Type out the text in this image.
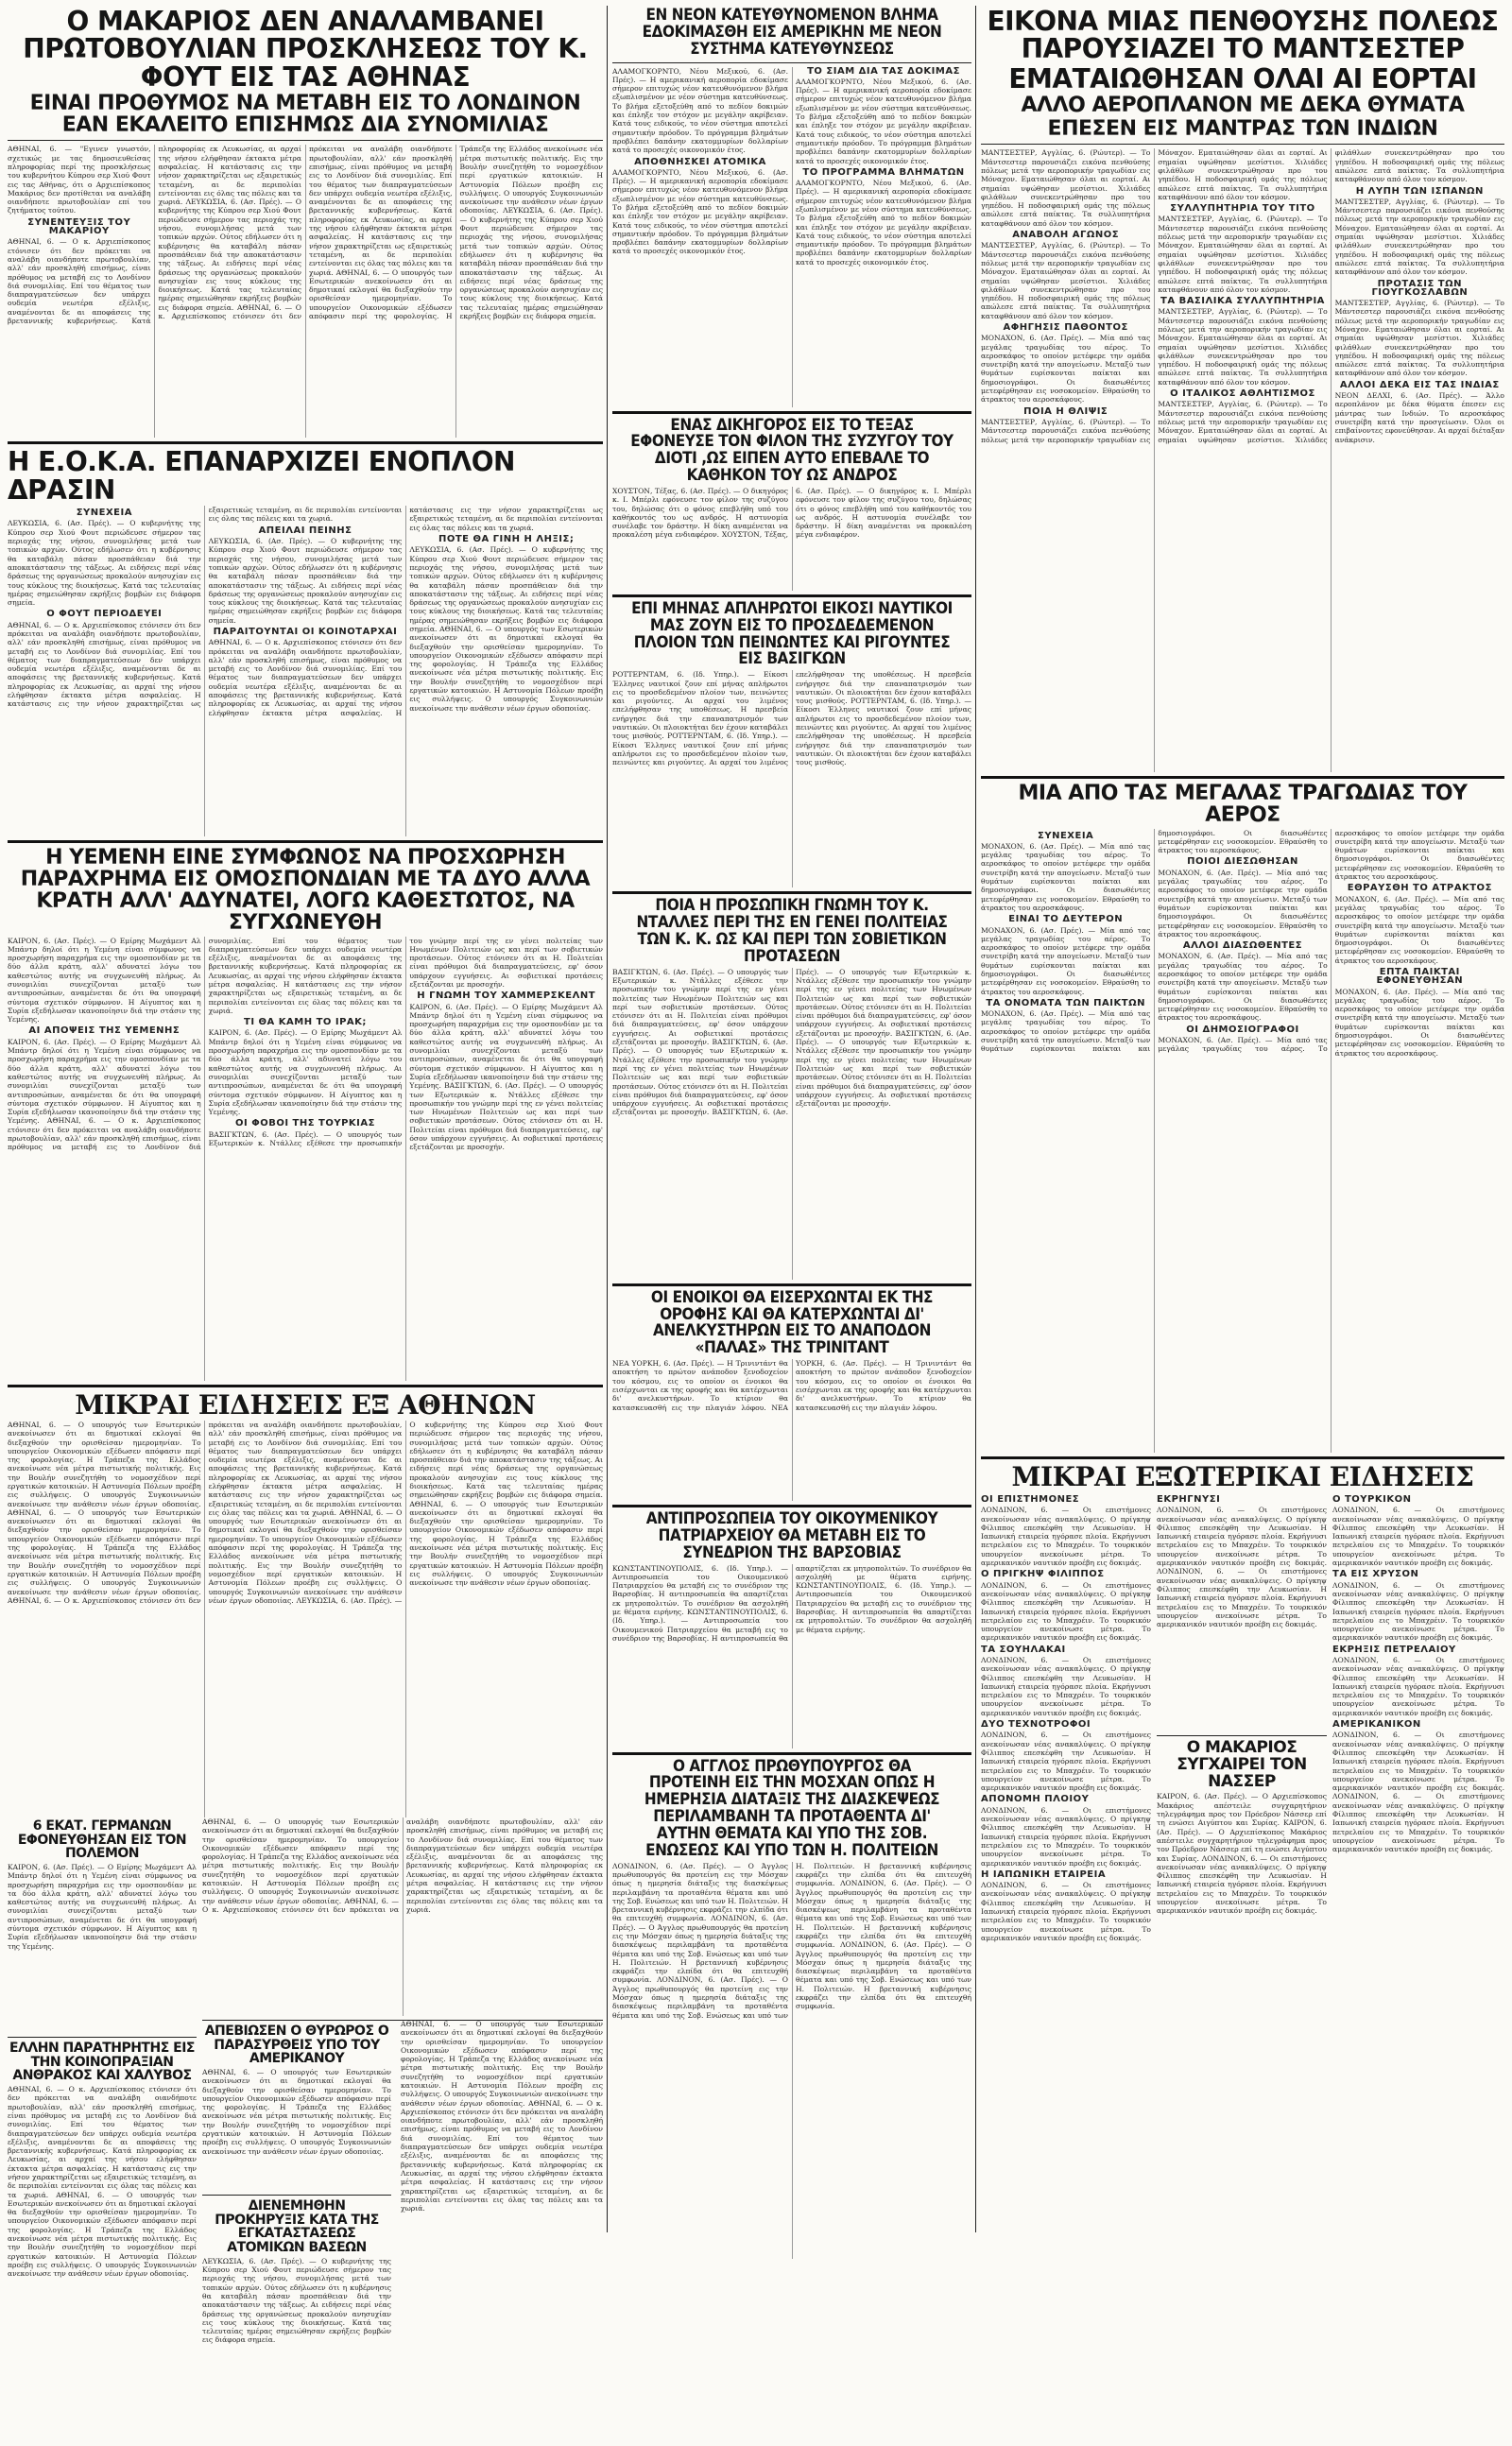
Ο ΜΑΚΑΡΙΟΣ ΔΕΝ ΑΝΑΛΑΜΒΑΝΕΙ ΠΡΩΤΟΒΟΥΛΙΑΝ ΠΡΟΣΚΛΗΣΕΩΣ ΤΟΥ Κ. ΦΟΥΤ ΕΙΣ ΤΑΣ ΑΘΗΝΑΣ
ΕΙΝΑΙ ΠΡΟΘΥΜΟΣ ΝΑ ΜΕΤΑΒΗ ΕΙΣ ΤΟ ΛΟΝΔΙΝΟΝ ΕΑΝ ΕΚΑΛΕΙΤΟ ΕΠΙΣΗΜΩΣ ΔΙΑ ΣΥΝΟΜΙΛΙΑΣ
ΑΘΗΝΑΙ, 6. — "Εγινεν γνωστόν, σχετικώς με τας δημοσιευθείσας πληροφορίας περί της προσκλήσεως του κυβερνήτου Κύπρου σερ Χιού Φουτ εις τας Αθήνας, ότι ο Αρχιεπίσκοπος Μακάριος δεν προτίθεται να αναλάβη οιανδήποτε πρωτοβουλίαν επί του ζητήματος τούτου.
ΣΥΝΕΝΤΕΥΞΙΣ ΤΟΥ ΜΑΚΑΡΙΟΥ
ΑΘΗΝΑΙ, 6. — Ο κ. Αρχιεπίσκοπος ετόνισεν ότι δεν πρόκειται να αναλάβη οιανδήποτε πρωτοβουλίαν, αλλ' εάν προσκληθή επισήμως, είναι πρόθυμος να μεταβή εις το Λονδίνον διά συνομιλίας. Επί του θέματος των διαπραγματεύσεων δεν υπάρχει ουδεμία νεωτέρα εξέλιξις, αναμένονται δε αι αποφάσεις της βρεταννικής κυβερνήσεως. Κατά πληροφορίας εκ Λευκωσίας, αι αρχαί της νήσου ελήφθησαν έκτακτα μέτρα ασφαλείας. Η κατάστασις εις την νήσον χαρακτηρίζεται ως εξαιρετικώς τεταμένη, αι δε περιπολίαι εντείνονται εις όλας τας πόλεις και τα χωριά. ΛΕΥΚΩΣΙΑ, 6. (Ασ. Πρές). — Ο κυβερνήτης της Κύπρου σερ Χιού Φουτ περιώδευσε σήμερον τας περιοχάς της νήσου, συνομιλήσας μετά των τοπικών αρχών. Ούτος εδήλωσεν ότι η κυβέρνησις θα καταβάλη πάσαν προσπάθειαν διά την αποκατάστασιν της τάξεως. Αι ειδήσεις περί νέας δράσεως της οργανώσεως προκαλούν ανησυχίαν εις τους κύκλους της διοικήσεως. Κατά τας τελευταίας ημέρας σημειώθησαν εκρήξεις βομβών εις διάφορα σημεία. ΑΘΗΝΑΙ, 6. — Ο κ. Αρχιεπίσκοπος ετόνισεν ότι δεν πρόκειται να αναλάβη οιανδήποτε πρωτοβουλίαν, αλλ' εάν προσκληθή επισήμως, είναι πρόθυμος να μεταβή εις το Λονδίνον διά συνομιλίας. Επί του θέματος των διαπραγματεύσεων δεν υπάρχει ουδεμία νεωτέρα εξέλιξις, αναμένονται δε αι αποφάσεις της βρεταννικής κυβερνήσεως. Κατά πληροφορίας εκ Λευκωσίας, αι αρχαί της νήσου ελήφθησαν έκτακτα μέτρα ασφαλείας. Η κατάστασις εις την νήσον χαρακτηρίζεται ως εξαιρετικώς τεταμένη, αι δε περιπολίαι εντείνονται εις όλας τας πόλεις και τα χωριά. ΑΘΗΝΑΙ, 6. — Ο υπουργός των Εσωτερικών ανεκοίνωσεν ότι αι δημοτικαί εκλογαί θα διεξαχθούν την ορισθείσαν ημερομηνίαν. Το υπουργείον Οικονομικών εξέδωσεν απόφασιν περί της φορολογίας. Η Τράπεζα της Ελλάδος ανεκοίνωσε νέα μέτρα πιστωτικής πολιτικής. Εις την Βουλήν συνεζητήθη το νομοσχέδιον περί εργατικών κατοικιών. Η Αστυνομία Πόλεων προέβη εις συλλήψεις. Ο υπουργός Συγκοινωνιών ανεκοίνωσε την ανάθεσιν νέων έργων οδοποιίας. ΛΕΥΚΩΣΙΑ, 6. (Ασ. Πρές). — Ο κυβερνήτης της Κύπρου σερ Χιού Φουτ περιώδευσε σήμερον τας περιοχάς της νήσου, συνομιλήσας μετά των τοπικών αρχών. Ούτος εδήλωσεν ότι η κυβέρνησις θα καταβάλη πάσαν προσπάθειαν διά την αποκατάστασιν της τάξεως. Αι ειδήσεις περί νέας δράσεως της οργανώσεως προκαλούν ανησυχίαν εις τους κύκλους της διοικήσεως. Κατά τας τελευταίας ημέρας σημειώθησαν εκρήξεις βομβών εις διάφορα σημεία.
Η Ε.Ο.Κ.Α. ΕΠΑΝΑΡΧΙΖΕΙ ΕΝΟΠΛΟΝ ΔΡΑΣΙΝ
ΣΥΝΕΧΕΙΑ
ΛΕΥΚΩΣΙΑ, 6. (Ασ. Πρές). — Ο κυβερνήτης της Κύπρου σερ Χιού Φουτ περιώδευσε σήμερον τας περιοχάς της νήσου, συνομιλήσας μετά των τοπικών αρχών. Ούτος εδήλωσεν ότι η κυβέρνησις θα καταβάλη πάσαν προσπάθειαν διά την αποκατάστασιν της τάξεως. Αι ειδήσεις περί νέας δράσεως της οργανώσεως προκαλούν ανησυχίαν εις τους κύκλους της διοικήσεως. Κατά τας τελευταίας ημέρας σημειώθησαν εκρήξεις βομβών εις διάφορα σημεία.
Ο ΦΟΥΤ ΠΕΡΙΟΔΕΥΕΙ
ΑΘΗΝΑΙ, 6. — Ο κ. Αρχιεπίσκοπος ετόνισεν ότι δεν πρόκειται να αναλάβη οιανδήποτε πρωτοβουλίαν, αλλ' εάν προσκληθή επισήμως, είναι πρόθυμος να μεταβή εις το Λονδίνον διά συνομιλίας. Επί του θέματος των διαπραγματεύσεων δεν υπάρχει ουδεμία νεωτέρα εξέλιξις, αναμένονται δε αι αποφάσεις της βρεταννικής κυβερνήσεως. Κατά πληροφορίας εκ Λευκωσίας, αι αρχαί της νήσου ελήφθησαν έκτακτα μέτρα ασφαλείας. Η κατάστασις εις την νήσον χαρακτηρίζεται ως εξαιρετικώς τεταμένη, αι δε περιπολίαι εντείνονται εις όλας τας πόλεις και τα χωριά.
ΑΠΕΙΛΑΙ ΠΕΙΝΗΣ
ΛΕΥΚΩΣΙΑ, 6. (Ασ. Πρές). — Ο κυβερνήτης της Κύπρου σερ Χιού Φουτ περιώδευσε σήμερον τας περιοχάς της νήσου, συνομιλήσας μετά των τοπικών αρχών. Ούτος εδήλωσεν ότι η κυβέρνησις θα καταβάλη πάσαν προσπάθειαν διά την αποκατάστασιν της τάξεως. Αι ειδήσεις περί νέας δράσεως της οργανώσεως προκαλούν ανησυχίαν εις τους κύκλους της διοικήσεως. Κατά τας τελευταίας ημέρας σημειώθησαν εκρήξεις βομβών εις διάφορα σημεία.
ΠΑΡΑΙΤΟΥΝΤΑΙ ΟΙ ΚΟΙΝΟΤΑΡΧΑΙ
ΑΘΗΝΑΙ, 6. — Ο κ. Αρχιεπίσκοπος ετόνισεν ότι δεν πρόκειται να αναλάβη οιανδήποτε πρωτοβουλίαν, αλλ' εάν προσκληθή επισήμως, είναι πρόθυμος να μεταβή εις το Λονδίνον διά συνομιλίας. Επί του θέματος των διαπραγματεύσεων δεν υπάρχει ουδεμία νεωτέρα εξέλιξις, αναμένονται δε αι αποφάσεις της βρεταννικής κυβερνήσεως. Κατά πληροφορίας εκ Λευκωσίας, αι αρχαί της νήσου ελήφθησαν έκτακτα μέτρα ασφαλείας. Η κατάστασις εις την νήσον χαρακτηρίζεται ως εξαιρετικώς τεταμένη, αι δε περιπολίαι εντείνονται εις όλας τας πόλεις και τα χωριά.
ΠΟΤΕ ΘΑ ΓΙΝΗ Η ΛΗΞΙΣ;
ΛΕΥΚΩΣΙΑ, 6. (Ασ. Πρές). — Ο κυβερνήτης της Κύπρου σερ Χιού Φουτ περιώδευσε σήμερον τας περιοχάς της νήσου, συνομιλήσας μετά των τοπικών αρχών. Ούτος εδήλωσεν ότι η κυβέρνησις θα καταβάλη πάσαν προσπάθειαν διά την αποκατάστασιν της τάξεως. Αι ειδήσεις περί νέας δράσεως της οργανώσεως προκαλούν ανησυχίαν εις τους κύκλους της διοικήσεως. Κατά τας τελευταίας ημέρας σημειώθησαν εκρήξεις βομβών εις διάφορα σημεία. ΑΘΗΝΑΙ, 6. — Ο υπουργός των Εσωτερικών ανεκοίνωσεν ότι αι δημοτικαί εκλογαί θα διεξαχθούν την ορισθείσαν ημερομηνίαν. Το υπουργείον Οικονομικών εξέδωσεν απόφασιν περί της φορολογίας. Η Τράπεζα της Ελλάδος ανεκοίνωσε νέα μέτρα πιστωτικής πολιτικής. Εις την Βουλήν συνεζητήθη το νομοσχέδιον περί εργατικών κατοικιών. Η Αστυνομία Πόλεων προέβη εις συλλήψεις. Ο υπουργός Συγκοινωνιών ανεκοίνωσε την ανάθεσιν νέων έργων οδοποιίας.
Η ΥΕΜΕΝΗ ΕΙΝΕ ΣΥΜΦΩΝΟΣ ΝΑ ΠΡΟΣΧΩΡΗΣΗ ΠΑΡΑΧΡΗΜΑ ΕΙΣ ΟΜΟΣΠΟΝΔΙΑΝ ΜΕ ΤΑ ΔΥΟ ΑΛΛΑ ΚΡΑΤΗ ΑΛΛ' ΑΔΥΝΑΤΕΙ, ΛΟΓΩ ΚΑΘΕΣΤΩΤΟΣ, ΝΑ ΣΥΓΧΩΝΕΥΘΗ
ΚΑΙΡΟΝ, 6. (Ασ. Πρές). — Ο Εμίρης Μωχάμεντ Αλ Μπάντρ δηλοί ότι η Υεμένη είναι σύμφωνος να προσχωρήση παραχρήμα εις την ομοσπονδίαν με τα δύο άλλα κράτη, αλλ' αδυνατεί λόγω του καθεστώτος αυτής να συγχωνευθή πλήρως. Αι συνομιλίαι συνεχίζονται μεταξύ των αντιπροσώπων, αναμένεται δε ότι θα υπογραφή σύντομα σχετικόν σύμφωνον. Η Αίγυπτος και η Συρία εξεδήλωσαν ικανοποίησιν διά την στάσιν της Υεμένης.
ΑΙ ΑΠΟΨΕΙΣ ΤΗΣ ΥΕΜΕΝΗΣ
ΚΑΙΡΟΝ, 6. (Ασ. Πρές). — Ο Εμίρης Μωχάμεντ Αλ Μπάντρ δηλοί ότι η Υεμένη είναι σύμφωνος να προσχωρήση παραχρήμα εις την ομοσπονδίαν με τα δύο άλλα κράτη, αλλ' αδυνατεί λόγω του καθεστώτος αυτής να συγχωνευθή πλήρως. Αι συνομιλίαι συνεχίζονται μεταξύ των αντιπροσώπων, αναμένεται δε ότι θα υπογραφή σύντομα σχετικόν σύμφωνον. Η Αίγυπτος και η Συρία εξεδήλωσαν ικανοποίησιν διά την στάσιν της Υεμένης. ΑΘΗΝΑΙ, 6. — Ο κ. Αρχιεπίσκοπος ετόνισεν ότι δεν πρόκειται να αναλάβη οιανδήποτε πρωτοβουλίαν, αλλ' εάν προσκληθή επισήμως, είναι πρόθυμος να μεταβή εις το Λονδίνον διά συνομιλίας. Επί του θέματος των διαπραγματεύσεων δεν υπάρχει ουδεμία νεωτέρα εξέλιξις, αναμένονται δε αι αποφάσεις της βρεταννικής κυβερνήσεως. Κατά πληροφορίας εκ Λευκωσίας, αι αρχαί της νήσου ελήφθησαν έκτακτα μέτρα ασφαλείας. Η κατάστασις εις την νήσον χαρακτηρίζεται ως εξαιρετικώς τεταμένη, αι δε περιπολίαι εντείνονται εις όλας τας πόλεις και τα χωριά.
ΤΙ ΘΑ ΚΑΜΗ ΤΟ ΙΡΑΚ;
ΚΑΙΡΟΝ, 6. (Ασ. Πρές). — Ο Εμίρης Μωχάμεντ Αλ Μπάντρ δηλοί ότι η Υεμένη είναι σύμφωνος να προσχωρήση παραχρήμα εις την ομοσπονδίαν με τα δύο άλλα κράτη, αλλ' αδυνατεί λόγω του καθεστώτος αυτής να συγχωνευθή πλήρως. Αι συνομιλίαι συνεχίζονται μεταξύ των αντιπροσώπων, αναμένεται δε ότι θα υπογραφή σύντομα σχετικόν σύμφωνον. Η Αίγυπτος και η Συρία εξεδήλωσαν ικανοποίησιν διά την στάσιν της Υεμένης.
ΟΙ ΦΟΒΟΙ ΤΗΣ ΤΟΥΡΚΙΑΣ
ΒΑΣΙΓΚΤΩΝ, 6. (Ασ. Πρές). — Ο υπουργός των Εξωτερικών κ. Ντάλλες εξέθεσε την προσωπικήν του γνώμην περί της εν γένει πολιτείας των Ηνωμένων Πολιτειών ως και περί των σοβιετικών προτάσεων. Ούτος ετόνισεν ότι αι Η. Πολιτείαι είναι πρόθυμοι διά διαπραγματεύσεις, εφ' όσον υπάρχουν εγγυήσεις. Αι σοβιετικαί προτάσεις εξετάζονται με προσοχήν.
Η ΓΝΩΜΗ ΤΟΥ ΧΑΜΜΕΡΣΚΕΛΝΤ
ΚΑΙΡΟΝ, 6. (Ασ. Πρές). — Ο Εμίρης Μωχάμεντ Αλ Μπάντρ δηλοί ότι η Υεμένη είναι σύμφωνος να προσχωρήση παραχρήμα εις την ομοσπονδίαν με τα δύο άλλα κράτη, αλλ' αδυνατεί λόγω του καθεστώτος αυτής να συγχωνευθή πλήρως. Αι συνομιλίαι συνεχίζονται μεταξύ των αντιπροσώπων, αναμένεται δε ότι θα υπογραφή σύντομα σχετικόν σύμφωνον. Η Αίγυπτος και η Συρία εξεδήλωσαν ικανοποίησιν διά την στάσιν της Υεμένης. ΒΑΣΙΓΚΤΩΝ, 6. (Ασ. Πρές). — Ο υπουργός των Εξωτερικών κ. Ντάλλες εξέθεσε την προσωπικήν του γνώμην περί της εν γένει πολιτείας των Ηνωμένων Πολιτειών ως και περί των σοβιετικών προτάσεων. Ούτος ετόνισεν ότι αι Η. Πολιτείαι είναι πρόθυμοι διά διαπραγματεύσεις, εφ' όσον υπάρχουν εγγυήσεις. Αι σοβιετικαί προτάσεις εξετάζονται με προσοχήν.
ΜΙΚΡΑΙ ΕΙΔΗΣΕΙΣ ΕΞ ΑΘΗΝΩΝ
ΑΘΗΝΑΙ, 6. — Ο υπουργός των Εσωτερικών ανεκοίνωσεν ότι αι δημοτικαί εκλογαί θα διεξαχθούν την ορισθείσαν ημερομηνίαν. Το υπουργείον Οικονομικών εξέδωσεν απόφασιν περί της φορολογίας. Η Τράπεζα της Ελλάδος ανεκοίνωσε νέα μέτρα πιστωτικής πολιτικής. Εις την Βουλήν συνεζητήθη το νομοσχέδιον περί εργατικών κατοικιών. Η Αστυνομία Πόλεων προέβη εις συλλήψεις. Ο υπουργός Συγκοινωνιών ανεκοίνωσε την ανάθεσιν νέων έργων οδοποιίας. ΑΘΗΝΑΙ, 6. — Ο υπουργός των Εσωτερικών ανεκοίνωσεν ότι αι δημοτικαί εκλογαί θα διεξαχθούν την ορισθείσαν ημερομηνίαν. Το υπουργείον Οικονομικών εξέδωσεν απόφασιν περί της φορολογίας. Η Τράπεζα της Ελλάδος ανεκοίνωσε νέα μέτρα πιστωτικής πολιτικής. Εις την Βουλήν συνεζητήθη το νομοσχέδιον περί εργατικών κατοικιών. Η Αστυνομία Πόλεων προέβη εις συλλήψεις. Ο υπουργός Συγκοινωνιών ανεκοίνωσε την ανάθεσιν νέων έργων οδοποιίας. ΑΘΗΝΑΙ, 6. — Ο κ. Αρχιεπίσκοπος ετόνισεν ότι δεν πρόκειται να αναλάβη οιανδήποτε πρωτοβουλίαν, αλλ' εάν προσκληθή επισήμως, είναι πρόθυμος να μεταβή εις το Λονδίνον διά συνομιλίας. Επί του θέματος των διαπραγματεύσεων δεν υπάρχει ουδεμία νεωτέρα εξέλιξις, αναμένονται δε αι αποφάσεις της βρεταννικής κυβερνήσεως. Κατά πληροφορίας εκ Λευκωσίας, αι αρχαί της νήσου ελήφθησαν έκτακτα μέτρα ασφαλείας. Η κατάστασις εις την νήσον χαρακτηρίζεται ως εξαιρετικώς τεταμένη, αι δε περιπολίαι εντείνονται εις όλας τας πόλεις και τα χωριά. ΑΘΗΝΑΙ, 6. — Ο υπουργός των Εσωτερικών ανεκοίνωσεν ότι αι δημοτικαί εκλογαί θα διεξαχθούν την ορισθείσαν ημερομηνίαν. Το υπουργείον Οικονομικών εξέδωσεν απόφασιν περί της φορολογίας. Η Τράπεζα της Ελλάδος ανεκοίνωσε νέα μέτρα πιστωτικής πολιτικής. Εις την Βουλήν συνεζητήθη το νομοσχέδιον περί εργατικών κατοικιών. Η Αστυνομία Πόλεων προέβη εις συλλήψεις. Ο υπουργός Συγκοινωνιών ανεκοίνωσε την ανάθεσιν νέων έργων οδοποιίας. ΛΕΥΚΩΣΙΑ, 6. (Ασ. Πρές). — Ο κυβερνήτης της Κύπρου σερ Χιού Φουτ περιώδευσε σήμερον τας περιοχάς της νήσου, συνομιλήσας μετά των τοπικών αρχών. Ούτος εδήλωσεν ότι η κυβέρνησις θα καταβάλη πάσαν προσπάθειαν διά την αποκατάστασιν της τάξεως. Αι ειδήσεις περί νέας δράσεως της οργανώσεως προκαλούν ανησυχίαν εις τους κύκλους της διοικήσεως. Κατά τας τελευταίας ημέρας σημειώθησαν εκρήξεις βομβών εις διάφορα σημεία. ΑΘΗΝΑΙ, 6. — Ο υπουργός των Εσωτερικών ανεκοίνωσεν ότι αι δημοτικαί εκλογαί θα διεξαχθούν την ορισθείσαν ημερομηνίαν. Το υπουργείον Οικονομικών εξέδωσεν απόφασιν περί της φορολογίας. Η Τράπεζα της Ελλάδος ανεκοίνωσε νέα μέτρα πιστωτικής πολιτικής. Εις την Βουλήν συνεζητήθη το νομοσχέδιον περί εργατικών κατοικιών. Η Αστυνομία Πόλεων προέβη εις συλλήψεις. Ο υπουργός Συγκοινωνιών ανεκοίνωσε την ανάθεσιν νέων έργων οδοποιίας.
6 ΕΚΑΤ. ΓΕΡΜΑΝΩΝ ΕΦΟΝΕΥΘΗΣΑΝ ΕΙΣ ΤΟΝ ΠΟΛΕΜΟΝ
ΚΑΙΡΟΝ, 6. (Ασ. Πρές). — Ο Εμίρης Μωχάμεντ Αλ Μπάντρ δηλοί ότι η Υεμένη είναι σύμφωνος να προσχωρήση παραχρήμα εις την ομοσπονδίαν με τα δύο άλλα κράτη, αλλ' αδυνατεί λόγω του καθεστώτος αυτής να συγχωνευθή πλήρως. Αι συνομιλίαι συνεχίζονται μεταξύ των αντιπροσώπων, αναμένεται δε ότι θα υπογραφή σύντομα σχετικόν σύμφωνον. Η Αίγυπτος και η Συρία εξεδήλωσαν ικανοποίησιν διά την στάσιν της Υεμένης.
ΕΛΛΗΝ ΠΑΡΑΤΗΡΗΤΗΣ ΕΙΣ ΤΗΝ ΚΟΙΝΟΠΡΑΞΙΑΝ ΑΝΘΡΑΚΟΣ ΚΑΙ ΧΑΛΥΒΟΣ
ΑΘΗΝΑΙ, 6. — Ο κ. Αρχιεπίσκοπος ετόνισεν ότι δεν πρόκειται να αναλάβη οιανδήποτε πρωτοβουλίαν, αλλ' εάν προσκληθή επισήμως, είναι πρόθυμος να μεταβή εις το Λονδίνον διά συνομιλίας. Επί του θέματος των διαπραγματεύσεων δεν υπάρχει ουδεμία νεωτέρα εξέλιξις, αναμένονται δε αι αποφάσεις της βρεταννικής κυβερνήσεως. Κατά πληροφορίας εκ Λευκωσίας, αι αρχαί της νήσου ελήφθησαν έκτακτα μέτρα ασφαλείας. Η κατάστασις εις την νήσον χαρακτηρίζεται ως εξαιρετικώς τεταμένη, αι δε περιπολίαι εντείνονται εις όλας τας πόλεις και τα χωριά. ΑΘΗΝΑΙ, 6. — Ο υπουργός των Εσωτερικών ανεκοίνωσεν ότι αι δημοτικαί εκλογαί θα διεξαχθούν την ορισθείσαν ημερομηνίαν. Το υπουργείον Οικονομικών εξέδωσεν απόφασιν περί της φορολογίας. Η Τράπεζα της Ελλάδος ανεκοίνωσε νέα μέτρα πιστωτικής πολιτικής. Εις την Βουλήν συνεζητήθη το νομοσχέδιον περί εργατικών κατοικιών. Η Αστυνομία Πόλεων προέβη εις συλλήψεις. Ο υπουργός Συγκοινωνιών ανεκοίνωσε την ανάθεσιν νέων έργων οδοποιίας.
ΑΘΗΝΑΙ, 6. — Ο υπουργός των Εσωτερικών ανεκοίνωσεν ότι αι δημοτικαί εκλογαί θα διεξαχθούν την ορισθείσαν ημερομηνίαν. Το υπουργείον Οικονομικών εξέδωσεν απόφασιν περί της φορολογίας. Η Τράπεζα της Ελλάδος ανεκοίνωσε νέα μέτρα πιστωτικής πολιτικής. Εις την Βουλήν συνεζητήθη το νομοσχέδιον περί εργατικών κατοικιών. Η Αστυνομία Πόλεων προέβη εις συλλήψεις. Ο υπουργός Συγκοινωνιών ανεκοίνωσε την ανάθεσιν νέων έργων οδοποιίας. ΑΘΗΝΑΙ, 6. — Ο κ. Αρχιεπίσκοπος ετόνισεν ότι δεν πρόκειται να αναλάβη οιανδήποτε πρωτοβουλίαν, αλλ' εάν προσκληθή επισήμως, είναι πρόθυμος να μεταβή εις το Λονδίνον διά συνομιλίας. Επί του θέματος των διαπραγματεύσεων δεν υπάρχει ουδεμία νεωτέρα εξέλιξις, αναμένονται δε αι αποφάσεις της βρεταννικής κυβερνήσεως. Κατά πληροφορίας εκ Λευκωσίας, αι αρχαί της νήσου ελήφθησαν έκτακτα μέτρα ασφαλείας. Η κατάστασις εις την νήσον χαρακτηρίζεται ως εξαιρετικώς τεταμένη, αι δε περιπολίαι εντείνονται εις όλας τας πόλεις και τα χωριά.
ΑΠΕΒΙΩΣΕΝ Ο ΘΥΡΩΡΟΣ Ο ΠΑΡΑΣΥΡΘΕΙΣ ΥΠΟ ΤΟΥ ΑΜΕΡΙΚΑΝΟΥ
ΑΘΗΝΑΙ, 6. — Ο υπουργός των Εσωτερικών ανεκοίνωσεν ότι αι δημοτικαί εκλογαί θα διεξαχθούν την ορισθείσαν ημερομηνίαν. Το υπουργείον Οικονομικών εξέδωσεν απόφασιν περί της φορολογίας. Η Τράπεζα της Ελλάδος ανεκοίνωσε νέα μέτρα πιστωτικής πολιτικής. Εις την Βουλήν συνεζητήθη το νομοσχέδιον περί εργατικών κατοικιών. Η Αστυνομία Πόλεων προέβη εις συλλήψεις. Ο υπουργός Συγκοινωνιών ανεκοίνωσε την ανάθεσιν νέων έργων οδοποιίας.
ΔΙΕΝΕΜΗΘΗΝ ΠΡΟΚΗΡΥΞΙΣ ΚΑΤΑ ΤΗΣ ΕΓΚΑΤΑΣΤΑΣΕΩΣ ΑΤΟΜΙΚΩΝ ΒΑΣΕΩΝ
ΛΕΥΚΩΣΙΑ, 6. (Ασ. Πρές). — Ο κυβερνήτης της Κύπρου σερ Χιού Φουτ περιώδευσε σήμερον τας περιοχάς της νήσου, συνομιλήσας μετά των τοπικών αρχών. Ούτος εδήλωσεν ότι η κυβέρνησις θα καταβάλη πάσαν προσπάθειαν διά την αποκατάστασιν της τάξεως. Αι ειδήσεις περί νέας δράσεως της οργανώσεως προκαλούν ανησυχίαν εις τους κύκλους της διοικήσεως. Κατά τας τελευταίας ημέρας σημειώθησαν εκρήξεις βομβών εις διάφορα σημεία.
ΑΘΗΝΑΙ, 6. — Ο υπουργός των Εσωτερικών ανεκοίνωσεν ότι αι δημοτικαί εκλογαί θα διεξαχθούν την ορισθείσαν ημερομηνίαν. Το υπουργείον Οικονομικών εξέδωσεν απόφασιν περί της φορολογίας. Η Τράπεζα της Ελλάδος ανεκοίνωσε νέα μέτρα πιστωτικής πολιτικής. Εις την Βουλήν συνεζητήθη το νομοσχέδιον περί εργατικών κατοικιών. Η Αστυνομία Πόλεων προέβη εις συλλήψεις. Ο υπουργός Συγκοινωνιών ανεκοίνωσε την ανάθεσιν νέων έργων οδοποιίας. ΑΘΗΝΑΙ, 6. — Ο κ. Αρχιεπίσκοπος ετόνισεν ότι δεν πρόκειται να αναλάβη οιανδήποτε πρωτοβουλίαν, αλλ' εάν προσκληθή επισήμως, είναι πρόθυμος να μεταβή εις το Λονδίνον διά συνομιλίας. Επί του θέματος των διαπραγματεύσεων δεν υπάρχει ουδεμία νεωτέρα εξέλιξις, αναμένονται δε αι αποφάσεις της βρεταννικής κυβερνήσεως. Κατά πληροφορίας εκ Λευκωσίας, αι αρχαί της νήσου ελήφθησαν έκτακτα μέτρα ασφαλείας. Η κατάστασις εις την νήσον χαρακτηρίζεται ως εξαιρετικώς τεταμένη, αι δε περιπολίαι εντείνονται εις όλας τας πόλεις και τα χωριά.
ΕΝ ΝΕΟΝ ΚΑΤΕΥΘΥΝΟΜΕΝΟΝ ΒΛΗΜΑ ΕΔΟΚΙΜΑΣΘΗ ΕΙΣ ΑΜΕΡΙΚΗΝ ΜΕ ΝΕΟΝ ΣΥΣΤΗΜΑ ΚΑΤΕΥΘΥΝΣΕΩΣ
ΑΛΑΜΟΓΚΟΡΝΤΟ, Νέου Μεξικού, 6. (Ασ. Πρές). — Η αμερικανική αεροπορία εδοκίμασε σήμερον επιτυχώς νέον κατευθυνόμενον βλήμα εξωπλισμένον με νέον σύστημα κατευθύνσεως. Το βλήμα εξετοξεύθη από το πεδίον δοκιμών και έπληξε τον στόχον με μεγάλην ακρίβειαν. Κατά τους ειδικούς, το νέον σύστημα αποτελεί σημαντικήν πρόοδον. Το πρόγραμμα βλημάτων προβλέπει δαπάνην εκατομμυρίων δολλαρίων κατά το προσεχές οικονομικόν έτος.
ΑΠΟΘΝΗΣΚΕΙ ΑΤΟΜΙΚΑ
ΑΛΑΜΟΓΚΟΡΝΤΟ, Νέου Μεξικού, 6. (Ασ. Πρές). — Η αμερικανική αεροπορία εδοκίμασε σήμερον επιτυχώς νέον κατευθυνόμενον βλήμα εξωπλισμένον με νέον σύστημα κατευθύνσεως. Το βλήμα εξετοξεύθη από το πεδίον δοκιμών και έπληξε τον στόχον με μεγάλην ακρίβειαν. Κατά τους ειδικούς, το νέον σύστημα αποτελεί σημαντικήν πρόοδον. Το πρόγραμμα βλημάτων προβλέπει δαπάνην εκατομμυρίων δολλαρίων κατά το προσεχές οικονομικόν έτος.
ΤΟ ΣΙΑΜ ΔΙΑ ΤΑΣ ΔΟΚΙΜΑΣ
ΑΛΑΜΟΓΚΟΡΝΤΟ, Νέου Μεξικού, 6. (Ασ. Πρές). — Η αμερικανική αεροπορία εδοκίμασε σήμερον επιτυχώς νέον κατευθυνόμενον βλήμα εξωπλισμένον με νέον σύστημα κατευθύνσεως. Το βλήμα εξετοξεύθη από το πεδίον δοκιμών και έπληξε τον στόχον με μεγάλην ακρίβειαν. Κατά τους ειδικούς, το νέον σύστημα αποτελεί σημαντικήν πρόοδον. Το πρόγραμμα βλημάτων προβλέπει δαπάνην εκατομμυρίων δολλαρίων κατά το προσεχές οικονομικόν έτος.
ΤΟ ΠΡΟΓΡΑΜΜΑ ΒΛΗΜΑΤΩΝ
ΑΛΑΜΟΓΚΟΡΝΤΟ, Νέου Μεξικού, 6. (Ασ. Πρές). — Η αμερικανική αεροπορία εδοκίμασε σήμερον επιτυχώς νέον κατευθυνόμενον βλήμα εξωπλισμένον με νέον σύστημα κατευθύνσεως. Το βλήμα εξετοξεύθη από το πεδίον δοκιμών και έπληξε τον στόχον με μεγάλην ακρίβειαν. Κατά τους ειδικούς, το νέον σύστημα αποτελεί σημαντικήν πρόοδον. Το πρόγραμμα βλημάτων προβλέπει δαπάνην εκατομμυρίων δολλαρίων κατά το προσεχές οικονομικόν έτος.
ΕΝΑΣ ΔΙΚΗΓΟΡΟΣ ΕΙΣ ΤΟ ΤΕΞΑΣ ΕΦΟΝΕΥΣΕ ΤΟΝ ΦΙΛΟΝ ΤΗΣ ΣΥΖΥΓΟΥ ΤΟΥ ΔΙΟΤΙ ,ΩΣ ΕΙΠΕΝ ΑΥΤΟ ΕΠΕΒΑΛΕ ΤΟ ΚΑΘΗΚΟΝ ΤΟΥ ΩΣ ΑΝΔΡΟΣ
ΧΟΥΣΤΟΝ, Τέξας, 6. (Ασ. Πρές). — Ο δικηγόρος κ. Ι. Μπέρλι εφόνευσε τον φίλον της συζύγου του, δηλώσας ότι ο φόνος επεβλήθη υπό του καθήκοντός του ως ανδρός. Η αστυνομία συνέλαβε τον δράστην. Η δίκη αναμένεται να προκαλέση μέγα ενδιαφέρον. ΧΟΥΣΤΟΝ, Τέξας, 6. (Ασ. Πρές). — Ο δικηγόρος κ. Ι. Μπέρλι εφόνευσε τον φίλον της συζύγου του, δηλώσας ότι ο φόνος επεβλήθη υπό του καθήκοντός του ως ανδρός. Η αστυνομία συνέλαβε τον δράστην. Η δίκη αναμένεται να προκαλέση μέγα ενδιαφέρον.
ΕΠΙ ΜΗΝΑΣ ΑΠΛΗΡΩΤΟΙ ΕΙΚΟΣΙ ΝΑΥΤΙΚΟΙ ΜΑΣ ΖΟΥΝ ΕΙΣ ΤΟ ΠΡΟΣΔΕΔΕΜΕΝΟΝ ΠΛΟΙΟΝ ΤΩΝ ΠΕΙΝΩΝΤΕΣ ΚΑΙ ΡΙΓΟΥΝΤΕΣ ΕΙΣ ΒΑΣΙΓΚΩΝ
ΡΟΤΤΕΡΝΤΑΜ, 6. (Ιδ. Υπηρ.). — Είκοσι Έλληνες ναυτικοί ζουν επί μήνας απλήρωτοι εις το προσδεδεμένον πλοίον των, πεινώντες και ριγούντες. Αι αρχαί του λιμένος επελήφθησαν της υποθέσεως. Η πρεσβεία ενήργησε διά την επαναπατρισμόν των ναυτικών. Οι πλοιοκτήται δεν έχουν καταβάλει τους μισθούς. ΡΟΤΤΕΡΝΤΑΜ, 6. (Ιδ. Υπηρ.). — Είκοσι Έλληνες ναυτικοί ζουν επί μήνας απλήρωτοι εις το προσδεδεμένον πλοίον των, πεινώντες και ριγούντες. Αι αρχαί του λιμένος επελήφθησαν της υποθέσεως. Η πρεσβεία ενήργησε διά την επαναπατρισμόν των ναυτικών. Οι πλοιοκτήται δεν έχουν καταβάλει τους μισθούς. ΡΟΤΤΕΡΝΤΑΜ, 6. (Ιδ. Υπηρ.). — Είκοσι Έλληνες ναυτικοί ζουν επί μήνας απλήρωτοι εις το προσδεδεμένον πλοίον των, πεινώντες και ριγούντες. Αι αρχαί του λιμένος επελήφθησαν της υποθέσεως. Η πρεσβεία ενήργησε διά την επαναπατρισμόν των ναυτικών. Οι πλοιοκτήται δεν έχουν καταβάλει τους μισθούς.
ΠΟΙΑ Η ΠΡΟΣΩΠΙΚΗ ΓΝΩΜΗ ΤΟΥ Κ. ΝΤΑΛΛΕΣ ΠΕΡΙ ΤΗΣ ΕΝ ΓΕΝΕΙ ΠΟΛΙΤΕΙΑΣ ΤΩΝ Κ. Κ. ΩΣ ΚΑΙ ΠΕΡΙ ΤΩΝ ΣΟΒΙΕΤΙΚΩΝ ΠΡΟΤΑΣΕΩΝ
ΒΑΣΙΓΚΤΩΝ, 6. (Ασ. Πρές). — Ο υπουργός των Εξωτερικών κ. Ντάλλες εξέθεσε την προσωπικήν του γνώμην περί της εν γένει πολιτείας των Ηνωμένων Πολιτειών ως και περί των σοβιετικών προτάσεων. Ούτος ετόνισεν ότι αι Η. Πολιτείαι είναι πρόθυμοι διά διαπραγματεύσεις, εφ' όσον υπάρχουν εγγυήσεις. Αι σοβιετικαί προτάσεις εξετάζονται με προσοχήν. ΒΑΣΙΓΚΤΩΝ, 6. (Ασ. Πρές). — Ο υπουργός των Εξωτερικών κ. Ντάλλες εξέθεσε την προσωπικήν του γνώμην περί της εν γένει πολιτείας των Ηνωμένων Πολιτειών ως και περί των σοβιετικών προτάσεων. Ούτος ετόνισεν ότι αι Η. Πολιτείαι είναι πρόθυμοι διά διαπραγματεύσεις, εφ' όσον υπάρχουν εγγυήσεις. Αι σοβιετικαί προτάσεις εξετάζονται με προσοχήν. ΒΑΣΙΓΚΤΩΝ, 6. (Ασ. Πρές). — Ο υπουργός των Εξωτερικών κ. Ντάλλες εξέθεσε την προσωπικήν του γνώμην περί της εν γένει πολιτείας των Ηνωμένων Πολιτειών ως και περί των σοβιετικών προτάσεων. Ούτος ετόνισεν ότι αι Η. Πολιτείαι είναι πρόθυμοι διά διαπραγματεύσεις, εφ' όσον υπάρχουν εγγυήσεις. Αι σοβιετικαί προτάσεις εξετάζονται με προσοχήν. ΒΑΣΙΓΚΤΩΝ, 6. (Ασ. Πρές). — Ο υπουργός των Εξωτερικών κ. Ντάλλες εξέθεσε την προσωπικήν του γνώμην περί της εν γένει πολιτείας των Ηνωμένων Πολιτειών ως και περί των σοβιετικών προτάσεων. Ούτος ετόνισεν ότι αι Η. Πολιτείαι είναι πρόθυμοι διά διαπραγματεύσεις, εφ' όσον υπάρχουν εγγυήσεις. Αι σοβιετικαί προτάσεις εξετάζονται με προσοχήν.
ΟΙ ΕΝΟΙΚΟΙ ΘΑ ΕΙΣΕΡΧΩΝΤΑΙ ΕΚ ΤΗΣ ΟΡΟΦΗΣ ΚΑΙ ΘΑ ΚΑΤΕΡΧΩΝΤΑΙ ΔΙ' ΑΝΕΛΚΥΣΤΗΡΩΝ ΕΙΣ ΤΟ ΑΝΑΠΟΔΟΝ «ΠΑΛΑΣ» ΤΗΣ ΤΡΙΝΙΤΑΝΤ
ΝΕΑ ΥΟΡΚΗ, 6. (Ασ. Πρές). — Η Τρινιντάντ θα αποκτήση το πρώτον ανάποδον ξενοδοχείον του κόσμου, εις το οποίον οι ένοικοι θα εισέρχωνται εκ της οροφής και θα κατέρχωνται δι' ανελκυστήρων. Το κτίριον θα κατασκευασθή εις την πλαγιάν λόφου. ΝΕΑ ΥΟΡΚΗ, 6. (Ασ. Πρές). — Η Τρινιντάντ θα αποκτήση το πρώτον ανάποδον ξενοδοχείον του κόσμου, εις το οποίον οι ένοικοι θα εισέρχωνται εκ της οροφής και θα κατέρχωνται δι' ανελκυστήρων. Το κτίριον θα κατασκευασθή εις την πλαγιάν λόφου.
ΑΝΤΙΠΡΟΣΩΠΕΙΑ ΤΟΥ ΟΙΚΟΥΜΕΝΙΚΟΥ ΠΑΤΡΙΑΡΧΕΙΟΥ ΘΑ ΜΕΤΑΒΗ ΕΙΣ ΤΟ ΣΥΝΕΔΡΙΟΝ ΤΗΣ ΒΑΡΣΟΒΙΑΣ
ΚΩΝΣΤΑΝΤΙΝΟΥΠΟΛΙΣ, 6. (Ιδ. Υπηρ.). — Αντιπροσωπεία του Οικουμενικού Πατριαρχείου θα μεταβή εις το συνέδριον της Βαρσοβίας. Η αντιπροσωπεία θα απαρτίζεται εκ μητροπολιτών. Το συνέδριον θα ασχοληθή με θέματα ειρήνης. ΚΩΝΣΤΑΝΤΙΝΟΥΠΟΛΙΣ, 6. (Ιδ. Υπηρ.). — Αντιπροσωπεία του Οικουμενικού Πατριαρχείου θα μεταβή εις το συνέδριον της Βαρσοβίας. Η αντιπροσωπεία θα απαρτίζεται εκ μητροπολιτών. Το συνέδριον θα ασχοληθή με θέματα ειρήνης. ΚΩΝΣΤΑΝΤΙΝΟΥΠΟΛΙΣ, 6. (Ιδ. Υπηρ.). — Αντιπροσωπεία του Οικουμενικού Πατριαρχείου θα μεταβή εις το συνέδριον της Βαρσοβίας. Η αντιπροσωπεία θα απαρτίζεται εκ μητροπολιτών. Το συνέδριον θα ασχοληθή με θέματα ειρήνης.
Ο ΑΓΓΛΟΣ ΠΡΩΘΥΠΟΥΡΓΟΣ ΘΑ ΠΡΟΤΕΙΝΗ ΕΙΣ ΤΗΝ ΜΟΣΧΑΝ ΟΠΩΣ Η ΗΜΕΡΗΣΙΑ ΔΙΑΤΑΞΙΣ ΤΗΣ ΔΙΑΣΚΕΨΕΩΣ ΠΕΡΙΛΑΜΒΑΝΗ ΤΑ ΠΡΟΤΑΘΕΝΤΑ ΔΙ' ΑΥΤΗΝ ΘΕΜΑΤΑ ΚΑΙ ΥΠΟ ΤΗΣ ΣΟΒ. ΕΝΩΣΕΩΣ ΚΑΙ ΥΠΟ ΤΩΝ Η. ΠΟΛΙΤΕΙΩΝ
ΛΟΝΔΙΝΟΝ, 6. (Ασ. Πρές). — Ο Άγγλος πρωθυπουργός θα προτείνη εις την Μόσχαν όπως η ημερησία διάταξις της διασκέψεως περιλαμβάνη τα προταθέντα θέματα και υπό της Σοβ. Ενώσεως και υπό των Η. Πολιτειών. Η βρεταννική κυβέρνησις εκφράζει την ελπίδα ότι θα επιτευχθή συμφωνία. ΛΟΝΔΙΝΟΝ, 6. (Ασ. Πρές). — Ο Άγγλος πρωθυπουργός θα προτείνη εις την Μόσχαν όπως η ημερησία διάταξις της διασκέψεως περιλαμβάνη τα προταθέντα θέματα και υπό της Σοβ. Ενώσεως και υπό των Η. Πολιτειών. Η βρεταννική κυβέρνησις εκφράζει την ελπίδα ότι θα επιτευχθή συμφωνία. ΛΟΝΔΙΝΟΝ, 6. (Ασ. Πρές). — Ο Άγγλος πρωθυπουργός θα προτείνη εις την Μόσχαν όπως η ημερησία διάταξις της διασκέψεως περιλαμβάνη τα προταθέντα θέματα και υπό της Σοβ. Ενώσεως και υπό των Η. Πολιτειών. Η βρεταννική κυβέρνησις εκφράζει την ελπίδα ότι θα επιτευχθή συμφωνία. ΛΟΝΔΙΝΟΝ, 6. (Ασ. Πρές). — Ο Άγγλος πρωθυπουργός θα προτείνη εις την Μόσχαν όπως η ημερησία διάταξις της διασκέψεως περιλαμβάνη τα προταθέντα θέματα και υπό της Σοβ. Ενώσεως και υπό των Η. Πολιτειών. Η βρεταννική κυβέρνησις εκφράζει την ελπίδα ότι θα επιτευχθή συμφωνία. ΛΟΝΔΙΝΟΝ, 6. (Ασ. Πρές). — Ο Άγγλος πρωθυπουργός θα προτείνη εις την Μόσχαν όπως η ημερησία διάταξις της διασκέψεως περιλαμβάνη τα προταθέντα θέματα και υπό της Σοβ. Ενώσεως και υπό των Η. Πολιτειών. Η βρεταννική κυβέρνησις εκφράζει την ελπίδα ότι θα επιτευχθή συμφωνία.
ΕΙΚΟΝΑ ΜΙΑΣ ΠΕΝΘΟΥΣΗΣ ΠΟΛΕΩΣ ΠΑΡΟΥΣΙΑΖΕΙ ΤΟ ΜΑΝΤΣΕΣΤΕΡ
ΕΜΑΤΑΙΩΘΗΣΑΝ ΟΛΑΙ ΑΙ ΕΟΡΤΑΙ
ΑΛΛΟ ΑΕΡΟΠΛΑΝΟΝ ΜΕ ΔΕΚΑ ΘΥΜΑΤΑ
ΕΠΕΣΕΝ ΕΙΣ ΜΑΝΤΡΑΣ ΤΩΝ ΙΝΔΙΩΝ
ΜΑΝΤΣΕΣΤΕΡ, Αγγλίας, 6. (Ρώυτερ). — Το Μάντσεστερ παρουσιάζει εικόνα πενθούσης πόλεως μετά την αεροπορικήν τραγωδίαν εις Μόναχον. Εματαιώθησαν όλαι αι εορταί. Αι σημαίαι υψώθησαν μεσίστιοι. Χιλιάδες φιλάθλων συνεκεντρώθησαν προ του γηπέδου. Η ποδοσφαιρική ομάς της πόλεως απώλεσε επτά παίκτας. Τα συλλυπητήρια καταφθάνουν από όλον τον κόσμον.
ΑΝΑΒΟΛΗ ΑΓΩΝΟΣ
ΜΑΝΤΣΕΣΤΕΡ, Αγγλίας, 6. (Ρώυτερ). — Το Μάντσεστερ παρουσιάζει εικόνα πενθούσης πόλεως μετά την αεροπορικήν τραγωδίαν εις Μόναχον. Εματαιώθησαν όλαι αι εορταί. Αι σημαίαι υψώθησαν μεσίστιοι. Χιλιάδες φιλάθλων συνεκεντρώθησαν προ του γηπέδου. Η ποδοσφαιρική ομάς της πόλεως απώλεσε επτά παίκτας. Τα συλλυπητήρια καταφθάνουν από όλον τον κόσμον.
ΑΦΗΓΗΣΙΣ ΠΑΘΟΝΤΟΣ
ΜΟΝΑΧΟΝ, 6. (Ασ. Πρές). — Μία από τας μεγάλας τραγωδίας του αέρος. Το αεροσκάφος το οποίον μετέφερε την ομάδα συνετρίβη κατά την απογείωσιν. Μεταξύ των θυμάτων ευρίσκονται παίκται και δημοσιογράφοι. Οι διασωθέντες μετεφέρθησαν εις νοσοκομείον. Εθραύσθη το άτρακτος του αεροσκάφους.
ΠΟΙΑ Η ΘΛΙΨΙΣ
ΜΑΝΤΣΕΣΤΕΡ, Αγγλίας, 6. (Ρώυτερ). — Το Μάντσεστερ παρουσιάζει εικόνα πενθούσης πόλεως μετά την αεροπορικήν τραγωδίαν εις Μόναχον. Εματαιώθησαν όλαι αι εορταί. Αι σημαίαι υψώθησαν μεσίστιοι. Χιλιάδες φιλάθλων συνεκεντρώθησαν προ του γηπέδου. Η ποδοσφαιρική ομάς της πόλεως απώλεσε επτά παίκτας. Τα συλλυπητήρια καταφθάνουν από όλον τον κόσμον.
ΣΥΛΛΥΠΗΤΗΡΙΑ ΤΟΥ ΤΙΤΟ
ΜΑΝΤΣΕΣΤΕΡ, Αγγλίας, 6. (Ρώυτερ). — Το Μάντσεστερ παρουσιάζει εικόνα πενθούσης πόλεως μετά την αεροπορικήν τραγωδίαν εις Μόναχον. Εματαιώθησαν όλαι αι εορταί. Αι σημαίαι υψώθησαν μεσίστιοι. Χιλιάδες φιλάθλων συνεκεντρώθησαν προ του γηπέδου. Η ποδοσφαιρική ομάς της πόλεως απώλεσε επτά παίκτας. Τα συλλυπητήρια καταφθάνουν από όλον τον κόσμον.
ΤΑ ΒΑΣΙΛΙΚΑ ΣΥΛΛΥΠΗΤΗΡΙΑ
ΜΑΝΤΣΕΣΤΕΡ, Αγγλίας, 6. (Ρώυτερ). — Το Μάντσεστερ παρουσιάζει εικόνα πενθούσης πόλεως μετά την αεροπορικήν τραγωδίαν εις Μόναχον. Εματαιώθησαν όλαι αι εορταί. Αι σημαίαι υψώθησαν μεσίστιοι. Χιλιάδες φιλάθλων συνεκεντρώθησαν προ του γηπέδου. Η ποδοσφαιρική ομάς της πόλεως απώλεσε επτά παίκτας. Τα συλλυπητήρια καταφθάνουν από όλον τον κόσμον.
Ο ΙΤΑΛΙΚΟΣ ΑΘΛΗΤΙΣΜΟΣ
ΜΑΝΤΣΕΣΤΕΡ, Αγγλίας, 6. (Ρώυτερ). — Το Μάντσεστερ παρουσιάζει εικόνα πενθούσης πόλεως μετά την αεροπορικήν τραγωδίαν εις Μόναχον. Εματαιώθησαν όλαι αι εορταί. Αι σημαίαι υψώθησαν μεσίστιοι. Χιλιάδες φιλάθλων συνεκεντρώθησαν προ του γηπέδου. Η ποδοσφαιρική ομάς της πόλεως απώλεσε επτά παίκτας. Τα συλλυπητήρια καταφθάνουν από όλον τον κόσμον.
Η ΛΥΠΗ ΤΩΝ ΙΣΠΑΝΩΝ
ΜΑΝΤΣΕΣΤΕΡ, Αγγλίας, 6. (Ρώυτερ). — Το Μάντσεστερ παρουσιάζει εικόνα πενθούσης πόλεως μετά την αεροπορικήν τραγωδίαν εις Μόναχον. Εματαιώθησαν όλαι αι εορταί. Αι σημαίαι υψώθησαν μεσίστιοι. Χιλιάδες φιλάθλων συνεκεντρώθησαν προ του γηπέδου. Η ποδοσφαιρική ομάς της πόλεως απώλεσε επτά παίκτας. Τα συλλυπητήρια καταφθάνουν από όλον τον κόσμον.
ΠΡΟΤΑΣΙΣ ΤΩΝ ΓΙΟΥΓΚΟΣΛΑΒΩΝ
ΜΑΝΤΣΕΣΤΕΡ, Αγγλίας, 6. (Ρώυτερ). — Το Μάντσεστερ παρουσιάζει εικόνα πενθούσης πόλεως μετά την αεροπορικήν τραγωδίαν εις Μόναχον. Εματαιώθησαν όλαι αι εορταί. Αι σημαίαι υψώθησαν μεσίστιοι. Χιλιάδες φιλάθλων συνεκεντρώθησαν προ του γηπέδου. Η ποδοσφαιρική ομάς της πόλεως απώλεσε επτά παίκτας. Τα συλλυπητήρια καταφθάνουν από όλον τον κόσμον.
ΑΛΛΟΙ ΔΕΚΑ ΕΙΣ ΤΑΣ ΙΝΔΙΑΣ
ΝΕΟΝ ΔΕΛΧΙ, 6. (Ασ. Πρές). — Άλλο αεροπλάνον με δέκα θύματα έπεσεν εις μάντρας των Ινδιών. Το αεροσκάφος συνετρίβη κατά την προσγείωσιν. Όλοι οι επιβαίνοντες εφονεύθησαν. Αι αρχαί διέταξαν ανάκρισιν.
ΜΙΑ ΑΠΟ ΤΑΣ ΜΕΓΑΛΑΣ ΤΡΑΓΩΔΙΑΣ ΤΟΥ ΑΕΡΟΣ
ΣΥΝΕΧΕΙΑ
ΜΟΝΑΧΟΝ, 6. (Ασ. Πρές). — Μία από τας μεγάλας τραγωδίας του αέρος. Το αεροσκάφος το οποίον μετέφερε την ομάδα συνετρίβη κατά την απογείωσιν. Μεταξύ των θυμάτων ευρίσκονται παίκται και δημοσιογράφοι. Οι διασωθέντες μετεφέρθησαν εις νοσοκομείον. Εθραύσθη το άτρακτος του αεροσκάφους.
ΕΙΝΑΙ ΤΟ ΔΕΥΤΕΡΟΝ
ΜΟΝΑΧΟΝ, 6. (Ασ. Πρές). — Μία από τας μεγάλας τραγωδίας του αέρος. Το αεροσκάφος το οποίον μετέφερε την ομάδα συνετρίβη κατά την απογείωσιν. Μεταξύ των θυμάτων ευρίσκονται παίκται και δημοσιογράφοι. Οι διασωθέντες μετεφέρθησαν εις νοσοκομείον. Εθραύσθη το άτρακτος του αεροσκάφους.
ΤΑ ΟΝΟΜΑΤΑ ΤΩΝ ΠΑΙΚΤΩΝ
ΜΟΝΑΧΟΝ, 6. (Ασ. Πρές). — Μία από τας μεγάλας τραγωδίας του αέρος. Το αεροσκάφος το οποίον μετέφερε την ομάδα συνετρίβη κατά την απογείωσιν. Μεταξύ των θυμάτων ευρίσκονται παίκται και δημοσιογράφοι. Οι διασωθέντες μετεφέρθησαν εις νοσοκομείον. Εθραύσθη το άτρακτος του αεροσκάφους.
ΠΟΙΟΙ ΔΙΕΣΩΘΗΣΑΝ
ΜΟΝΑΧΟΝ, 6. (Ασ. Πρές). — Μία από τας μεγάλας τραγωδίας του αέρος. Το αεροσκάφος το οποίον μετέφερε την ομάδα συνετρίβη κατά την απογείωσιν. Μεταξύ των θυμάτων ευρίσκονται παίκται και δημοσιογράφοι. Οι διασωθέντες μετεφέρθησαν εις νοσοκομείον. Εθραύσθη το άτρακτος του αεροσκάφους.
ΑΛΛΟΙ ΔΙΑΣΩΘΕΝΤΕΣ
ΜΟΝΑΧΟΝ, 6. (Ασ. Πρές). — Μία από τας μεγάλας τραγωδίας του αέρος. Το αεροσκάφος το οποίον μετέφερε την ομάδα συνετρίβη κατά την απογείωσιν. Μεταξύ των θυμάτων ευρίσκονται παίκται και δημοσιογράφοι. Οι διασωθέντες μετεφέρθησαν εις νοσοκομείον. Εθραύσθη το άτρακτος του αεροσκάφους.
ΟΙ ΔΗΜΟΣΙΟΓΡΑΦΟΙ
ΜΟΝΑΧΟΝ, 6. (Ασ. Πρές). — Μία από τας μεγάλας τραγωδίας του αέρος. Το αεροσκάφος το οποίον μετέφερε την ομάδα συνετρίβη κατά την απογείωσιν. Μεταξύ των θυμάτων ευρίσκονται παίκται και δημοσιογράφοι. Οι διασωθέντες μετεφέρθησαν εις νοσοκομείον. Εθραύσθη το άτρακτος του αεροσκάφους.
ΕΘΡΑΥΣΘΗ ΤΟ ΑΤΡΑΚΤΟΣ
ΜΟΝΑΧΟΝ, 6. (Ασ. Πρές). — Μία από τας μεγάλας τραγωδίας του αέρος. Το αεροσκάφος το οποίον μετέφερε την ομάδα συνετρίβη κατά την απογείωσιν. Μεταξύ των θυμάτων ευρίσκονται παίκται και δημοσιογράφοι. Οι διασωθέντες μετεφέρθησαν εις νοσοκομείον. Εθραύσθη το άτρακτος του αεροσκάφους.
ΕΠΤΑ ΠΑΙΚΤΑΙ ΕΦΟΝΕΥΘΗΣΑΝ
ΜΟΝΑΧΟΝ, 6. (Ασ. Πρές). — Μία από τας μεγάλας τραγωδίας του αέρος. Το αεροσκάφος το οποίον μετέφερε την ομάδα συνετρίβη κατά την απογείωσιν. Μεταξύ των θυμάτων ευρίσκονται παίκται και δημοσιογράφοι. Οι διασωθέντες μετεφέρθησαν εις νοσοκομείον. Εθραύσθη το άτρακτος του αεροσκάφους.
ΜΙΚΡΑΙ ΕΞΩΤΕΡΙΚΑΙ ΕΙΔΗΣΕΙΣ
ΟΙ ΕΠΙΣΤΗΜΟΝΕΣ
ΛΟΝΔΙΝΟΝ, 6. — Οι επιστήμονες ανεκοίνωσαν νέας ανακαλύψεις. Ο πρίγκηψ Φίλιππος επεσκέφθη την Λευκωσίαν. Η Ιαπωνική εταιρεία ηγόρασε πλοία. Εκρήγνυσι πετρελαίου εις το Μπαχρέιν. Το τουρκικόν υπουργείον ανεκοίνωσε μέτρα. Το αμερικανικόν ναυτικόν προέβη εις δοκιμάς.
Ο ΠΡΙΓΚΗΨ ΦΙΛΙΠΠΟΣ
ΛΟΝΔΙΝΟΝ, 6. — Οι επιστήμονες ανεκοίνωσαν νέας ανακαλύψεις. Ο πρίγκηψ Φίλιππος επεσκέφθη την Λευκωσίαν. Η Ιαπωνική εταιρεία ηγόρασε πλοία. Εκρήγνυσι πετρελαίου εις το Μπαχρέιν. Το τουρκικόν υπουργείον ανεκοίνωσε μέτρα. Το αμερικανικόν ναυτικόν προέβη εις δοκιμάς.
ΤΑ ΣΟΥΗΛΑΚΑΙ
ΛΟΝΔΙΝΟΝ, 6. — Οι επιστήμονες ανεκοίνωσαν νέας ανακαλύψεις. Ο πρίγκηψ Φίλιππος επεσκέφθη την Λευκωσίαν. Η Ιαπωνική εταιρεία ηγόρασε πλοία. Εκρήγνυσι πετρελαίου εις το Μπαχρέιν. Το τουρκικόν υπουργείον ανεκοίνωσε μέτρα. Το αμερικανικόν ναυτικόν προέβη εις δοκιμάς.
ΔΥΟ ΤΕΧΝΟΤΡΟΦΟΙ
ΛΟΝΔΙΝΟΝ, 6. — Οι επιστήμονες ανεκοίνωσαν νέας ανακαλύψεις. Ο πρίγκηψ Φίλιππος επεσκέφθη την Λευκωσίαν. Η Ιαπωνική εταιρεία ηγόρασε πλοία. Εκρήγνυσι πετρελαίου εις το Μπαχρέιν. Το τουρκικόν υπουργείον ανεκοίνωσε μέτρα. Το αμερικανικόν ναυτικόν προέβη εις δοκιμάς.
ΑΠΟΝΟΜΗ ΠΛΟΙΟΥ
ΛΟΝΔΙΝΟΝ, 6. — Οι επιστήμονες ανεκοίνωσαν νέας ανακαλύψεις. Ο πρίγκηψ Φίλιππος επεσκέφθη την Λευκωσίαν. Η Ιαπωνική εταιρεία ηγόρασε πλοία. Εκρήγνυσι πετρελαίου εις το Μπαχρέιν. Το τουρκικόν υπουργείον ανεκοίνωσε μέτρα. Το αμερικανικόν ναυτικόν προέβη εις δοκιμάς.
Η ΙΑΠΩΝΙΚΗ ΕΤΑΙΡΕΙΑ
ΛΟΝΔΙΝΟΝ, 6. — Οι επιστήμονες ανεκοίνωσαν νέας ανακαλύψεις. Ο πρίγκηψ Φίλιππος επεσκέφθη την Λευκωσίαν. Η Ιαπωνική εταιρεία ηγόρασε πλοία. Εκρήγνυσι πετρελαίου εις το Μπαχρέιν. Το τουρκικόν υπουργείον ανεκοίνωσε μέτρα. Το αμερικανικόν ναυτικόν προέβη εις δοκιμάς.
ΕΚΡΗΓΝΥΣΙ
ΛΟΝΔΙΝΟΝ, 6. — Οι επιστήμονες ανεκοίνωσαν νέας ανακαλύψεις. Ο πρίγκηψ Φίλιππος επεσκέφθη την Λευκωσίαν. Η Ιαπωνική εταιρεία ηγόρασε πλοία. Εκρήγνυσι πετρελαίου εις το Μπαχρέιν. Το τουρκικόν υπουργείον ανεκοίνωσε μέτρα. Το αμερικανικόν ναυτικόν προέβη εις δοκιμάς. ΛΟΝΔΙΝΟΝ, 6. — Οι επιστήμονες ανεκοίνωσαν νέας ανακαλύψεις. Ο πρίγκηψ Φίλιππος επεσκέφθη την Λευκωσίαν. Η Ιαπωνική εταιρεία ηγόρασε πλοία. Εκρήγνυσι πετρελαίου εις το Μπαχρέιν. Το τουρκικόν υπουργείον ανεκοίνωσε μέτρα. Το αμερικανικόν ναυτικόν προέβη εις δοκιμάς.
Ο ΜΑΚΑΡΙΟΣ ΣΥΓΧΑΙΡΕΙ ΤΟΝ ΝΑΣΣΕΡ
ΚΑΙΡΟΝ, 6. (Ασ. Πρές). — Ο Αρχιεπίσκοπος Μακάριος απέστειλε συγχαρητήριον τηλεγράφημα προς τον Πρόεδρον Νάσσερ επί τη ενώσει Αιγύπτου και Συρίας. ΚΑΙΡΟΝ, 6. (Ασ. Πρές). — Ο Αρχιεπίσκοπος Μακάριος απέστειλε συγχαρητήριον τηλεγράφημα προς τον Πρόεδρον Νάσσερ επί τη ενώσει Αιγύπτου και Συρίας. ΛΟΝΔΙΝΟΝ, 6. — Οι επιστήμονες ανεκοίνωσαν νέας ανακαλύψεις. Ο πρίγκηψ Φίλιππος επεσκέφθη την Λευκωσίαν. Η Ιαπωνική εταιρεία ηγόρασε πλοία. Εκρήγνυσι πετρελαίου εις το Μπαχρέιν. Το τουρκικόν υπουργείον ανεκοίνωσε μέτρα. Το αμερικανικόν ναυτικόν προέβη εις δοκιμάς.
Ο ΤΟΥΡΚΙΚΟΝ
ΛΟΝΔΙΝΟΝ, 6. — Οι επιστήμονες ανεκοίνωσαν νέας ανακαλύψεις. Ο πρίγκηψ Φίλιππος επεσκέφθη την Λευκωσίαν. Η Ιαπωνική εταιρεία ηγόρασε πλοία. Εκρήγνυσι πετρελαίου εις το Μπαχρέιν. Το τουρκικόν υπουργείον ανεκοίνωσε μέτρα. Το αμερικανικόν ναυτικόν προέβη εις δοκιμάς.
ΤΑ ΕΙΣ ΧΡΥΣΟΝ
ΛΟΝΔΙΝΟΝ, 6. — Οι επιστήμονες ανεκοίνωσαν νέας ανακαλύψεις. Ο πρίγκηψ Φίλιππος επεσκέφθη την Λευκωσίαν. Η Ιαπωνική εταιρεία ηγόρασε πλοία. Εκρήγνυσι πετρελαίου εις το Μπαχρέιν. Το τουρκικόν υπουργείον ανεκοίνωσε μέτρα. Το αμερικανικόν ναυτικόν προέβη εις δοκιμάς.
ΕΚΡΗΞΙΣ ΠΕΤΡΕΛΑΙΟΥ
ΛΟΝΔΙΝΟΝ, 6. — Οι επιστήμονες ανεκοίνωσαν νέας ανακαλύψεις. Ο πρίγκηψ Φίλιππος επεσκέφθη την Λευκωσίαν. Η Ιαπωνική εταιρεία ηγόρασε πλοία. Εκρήγνυσι πετρελαίου εις το Μπαχρέιν. Το τουρκικόν υπουργείον ανεκοίνωσε μέτρα. Το αμερικανικόν ναυτικόν προέβη εις δοκιμάς.
ΑΜΕΡΙΚΑΝΙΚΟΝ
ΛΟΝΔΙΝΟΝ, 6. — Οι επιστήμονες ανεκοίνωσαν νέας ανακαλύψεις. Ο πρίγκηψ Φίλιππος επεσκέφθη την Λευκωσίαν. Η Ιαπωνική εταιρεία ηγόρασε πλοία. Εκρήγνυσι πετρελαίου εις το Μπαχρέιν. Το τουρκικόν υπουργείον ανεκοίνωσε μέτρα. Το αμερικανικόν ναυτικόν προέβη εις δοκιμάς. ΛΟΝΔΙΝΟΝ, 6. — Οι επιστήμονες ανεκοίνωσαν νέας ανακαλύψεις. Ο πρίγκηψ Φίλιππος επεσκέφθη την Λευκωσίαν. Η Ιαπωνική εταιρεία ηγόρασε πλοία. Εκρήγνυσι πετρελαίου εις το Μπαχρέιν. Το τουρκικόν υπουργείον ανεκοίνωσε μέτρα. Το αμερικανικόν ναυτικόν προέβη εις δοκιμάς.
